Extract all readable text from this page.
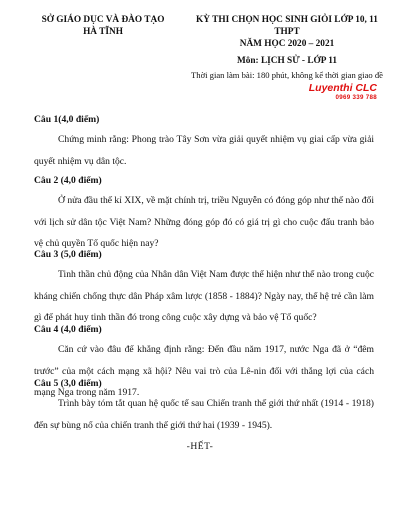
SỞ GIÁO DỤC VÀ ĐÀO TẠO
HÀ TĨNH
KỲ THI CHỌN HỌC SINH GIỎI LỚP 10, 11 THPT
NĂM HỌC 2020 – 2021
Môn: LỊCH SỬ - LỚP 11
Thời gian làm bài: 180 phút, không kể thời gian giao đề
Luyenthi CLC
0969 339 788
Câu 1(4,0 điểm)
Chứng minh rằng: Phong trào Tây Sơn vừa giải quyết nhiệm vụ giai cấp vừa giải quyết nhiệm vụ dân tộc.
Câu 2 (4,0 điểm)
Ở nửa đầu thế kỉ XIX, về mặt chính trị, triều Nguyễn có đóng góp như thế nào đối với lịch sử dân tộc Việt Nam? Những đóng góp đó có giá trị gì cho cuộc đấu tranh bảo vệ chủ quyền Tổ quốc hiện nay?
Câu 3 (5,0 điểm)
Tinh thần chủ động của Nhân dân Việt Nam được thể hiện như thế nào trong cuộc kháng chiến chống thực dân Pháp xâm lược (1858 - 1884)? Ngày nay, thế hệ trẻ cần làm gì để phát huy tinh thần đó trong công cuộc xây dựng và bảo vệ Tổ quốc?
Câu 4 (4,0 điểm)
Căn cứ vào đâu để khẳng định rằng: Đến đầu năm 1917, nước Nga đã ở “đêm trước” của một cách mạng xã hội? Nêu vai trò của Lê-nin đối với thắng lợi của cách mạng Nga trong năm 1917.
Câu 5 (3,0 điểm)
Trình bày tóm tắt quan hệ quốc tế sau Chiến tranh thế giới thứ nhất (1914 - 1918) đến sự bùng nổ của chiến tranh thế giới thứ hai (1939 - 1945).
-HẾT-
